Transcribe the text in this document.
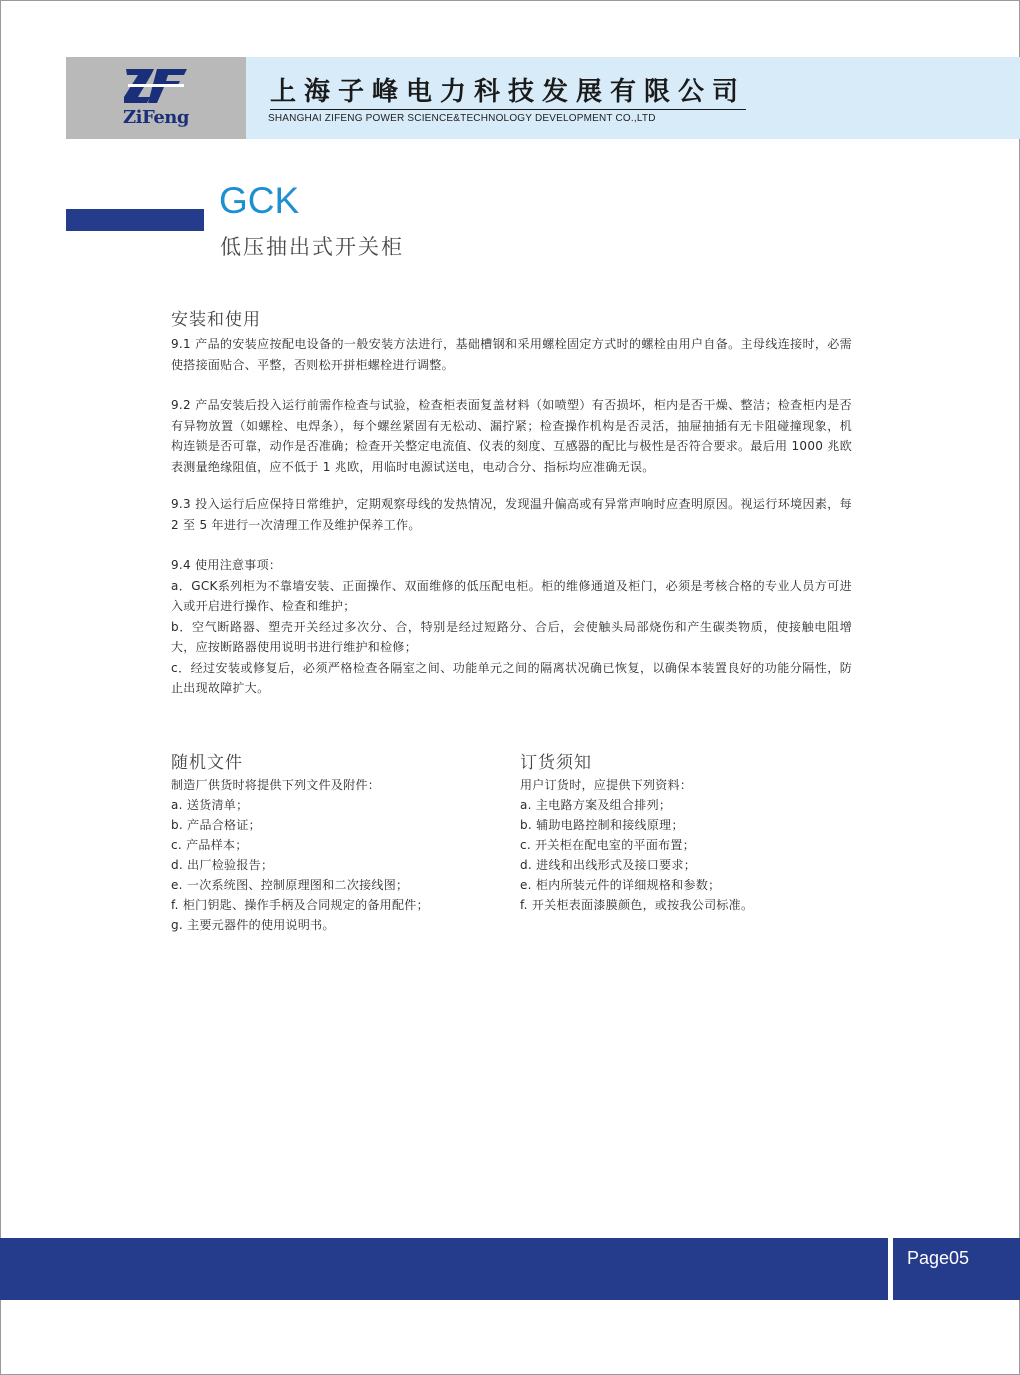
ZiFeng
上海子峰电力科技发展有限公司
SHANGHAI ZIFENG POWER SCIENCE&TECHNOLOGY DEVELOPMENT CO.,LTD
GCK
低压抽出式开关柜
安装和使用

9.1 产品的安装应按配电设备的一般安装方法进行，基础槽钢和采用螺栓固定方式时的螺栓由用户自备。主母线连接时，必需使搭接面贴合、平整，否则松开拼柜螺栓进行调整。

9.2 产品安装后投入运行前需作检查与试验，检查柜表面复盖材料（如喷塑）有否损坏，柜内是否干燥、整洁；检查柜内是否有异物放置（如螺栓、电焊条），每个螺丝紧固有无松动、漏拧紧；检查操作机构是否灵活，抽屉抽插有无卡阻碰撞现象，机构连锁是否可靠，动作是否准确；检查开关整定电流值、仪表的刻度、互感器的配比与极性是否符合要求。最后用 1000 兆欧表测量绝缘阻值，应不低于 1 兆欧，用临时电源试送电，电动合分、指标均应准确无误。

9.3 投入运行后应保持日常维护，定期观察母线的发热情况，发现温升偏高或有异常声响时应查明原因。视运行环境因素，每 2 至 5 年进行一次清理工作及维护保养工作。

9.4 使用注意事项：

a．GCK系列柜为不靠墙安装、正面操作、双面维修的低压配电柜。柜的维修通道及柜门，必须是考核合格的专业人员方可进入或开启进行操作、检查和维护；

b．空气断路器、塑壳开关经过多次分、合，特别是经过短路分、合后，会使触头局部烧伤和产生碳类物质，使接触电阻增大，应按断路器使用说明书进行维护和检修；

c．经过安装或修复后，必须严格检查各隔室之间、功能单元之间的隔离状况确已恢复，以确保本装置良好的功能分隔性，防止出现故障扩大。

随机文件
制造厂供货时将提供下列文件及附件：
a. 送货清单；
b. 产品合格证；
c. 产品样本；
d. 出厂检验报告；
e. 一次系统图、控制原理图和二次接线图；
f. 柜门钥匙、操作手柄及合同规定的备用配件；
g. 主要元器件的使用说明书。
订货须知
用户订货时，应提供下列资料：
a. 主电路方案及组合排列；
b. 辅助电路控制和接线原理；
c. 开关柜在配电室的平面布置；
d. 进线和出线形式及接口要求；
e. 柜内所装元件的详细规格和参数；
f. 开关柜表面漆膜颜色，或按我公司标准。
Page05
